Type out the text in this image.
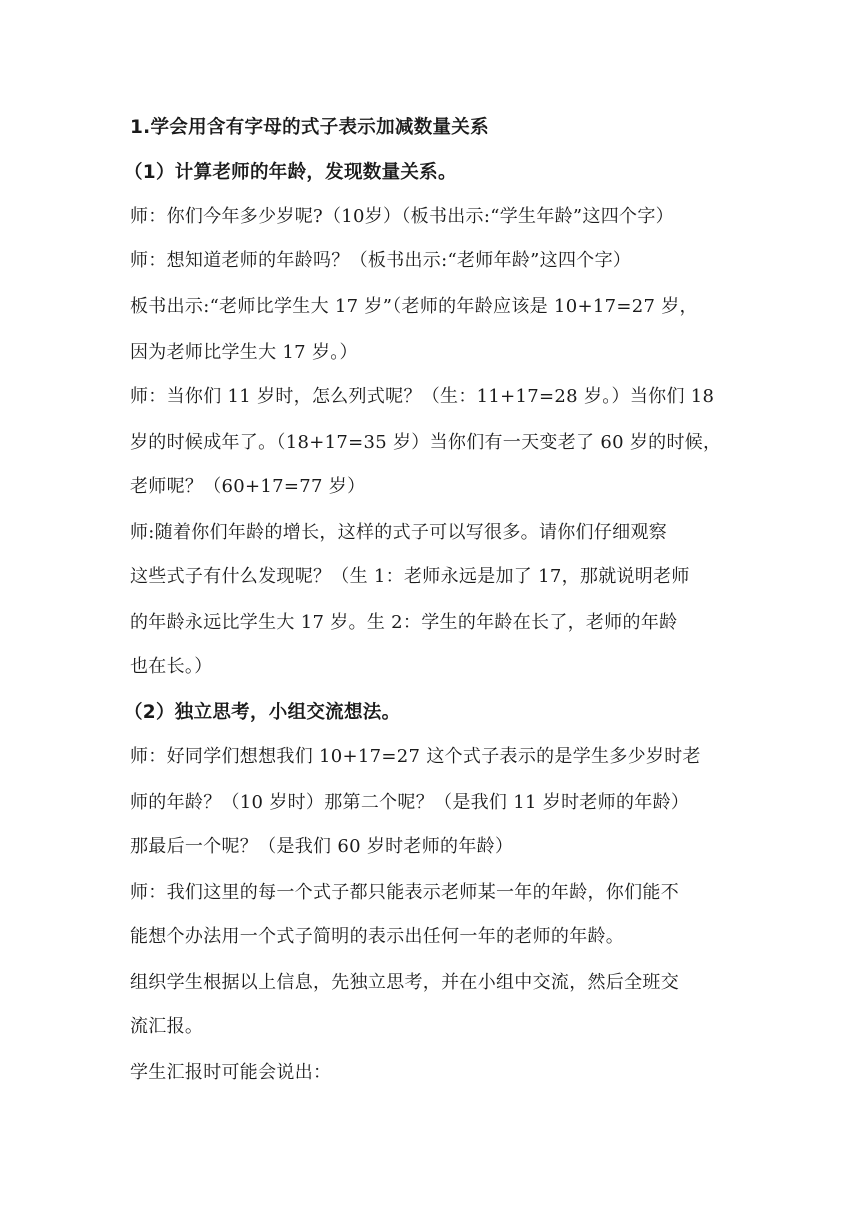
1.学会用含有字母的式子表示加减数量关系
（1）计算老师的年龄，发现数量关系。
师：你们今年多少岁呢?（10岁）（板书出示:“学生年龄”这四个字）
师：想知道老师的年龄吗？（板书出示:“老师年龄”这四个字）
板书出示:“老师比学生大 17 岁”（老师的年龄应该是 10+17=27 岁，
因为老师比学生大 17 岁。）
师：当你们 11 岁时，怎么列式呢？（生：11+17=28 岁。）当你们 18
岁的时候成年了。（18+17=35 岁）当你们有一天变老了 60 岁的时候，
老师呢？（60+17=77 岁）
师:随着你们年龄的增长，这样的式子可以写很多。请你们仔细观察
这些式子有什么发现呢？（生 1：老师永远是加了 17，那就说明老师
的年龄永远比学生大 17 岁。生 2：学生的年龄在长了，老师的年龄
也在长。）
（2）独立思考，小组交流想法。
师：好同学们想想我们 10+17=27 这个式子表示的是学生多少岁时老
师的年龄？（10 岁时）那第二个呢？（是我们 11 岁时老师的年龄）
那最后一个呢？（是我们 60 岁时老师的年龄）
师：我们这里的每一个式子都只能表示老师某一年的年龄，你们能不
能想个办法用一个式子简明的表示出任何一年的老师的年龄。
组织学生根据以上信息，先独立思考，并在小组中交流，然后全班交
流汇报。
学生汇报时可能会说出：
